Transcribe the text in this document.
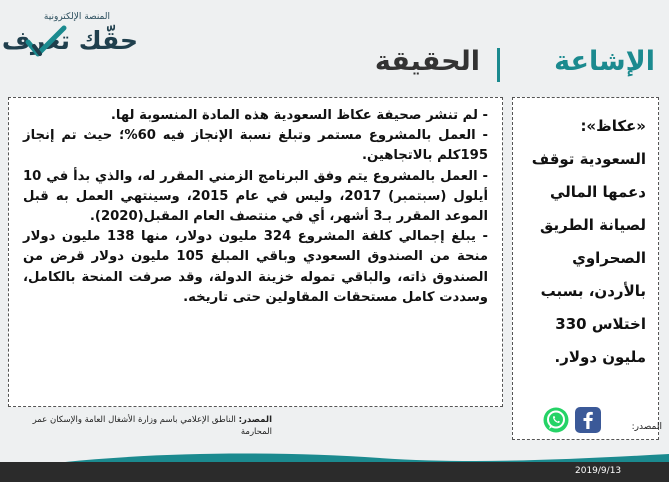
المنصة الإلكترونية
حقّك تعرف
الإشاعة
الحقيقة

«عكاظ»: السعودية توقف دعمها المالي لصيانة الطريق الصحراوي بالأردن، بسبب اختلاس 330 مليون دولار.

- لم تنشر صحيفة عكاظ السعودية هذه المادة المنسوبة لها.
- العمل بالمشروع مستمر وتبلغ نسبة الإنجاز فيه 60%؛ حيث تم إنجاز 195كلم بالاتجاهين.
- العمل بالمشروع يتم وفق البرنامج الزمني المقرر له، والذي بدأ في 10 أيلول (سبتمبر) 2017، وليس في عام 2015، وسينتهي العمل به قبل الموعد المقرر بـ3 أشهر، أي في منتصف العام المقبل(2020).
- يبلغ إجمالي كلفة المشروع 324 مليون دولار، منها 138 مليون دولار منحة من الصندوق السعودي وباقي المبلغ 105 مليون دولار قرض من الصندوق ذاته، والباقي تموله خزينة الدولة، وقد صرفت المنحة بالكامل، وسددت كامل مستحقات المقاولين حتى تاريخه.
المصدر: الناطق الإعلامي باسم وزارة الأشغال العامة والإسكان عمر المحارمة	المصدر:
2019/9/13
